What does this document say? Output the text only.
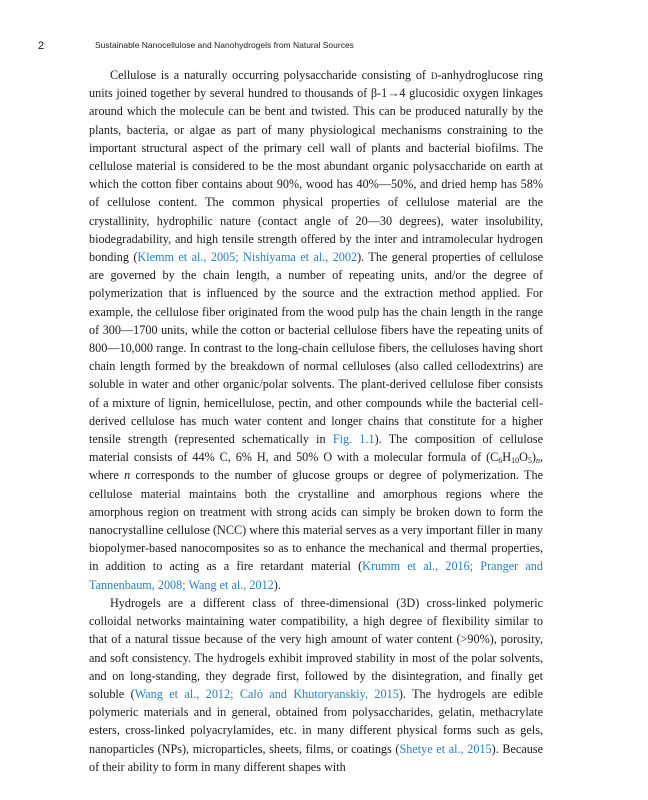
2	Sustainable Nanocellulose and Nanohydrogels from Natural Sources

Cellulose is a naturally occurring polysaccharide consisting of d-anhydroglucose ring units joined together by several hundred to thousands of β-1→4 glucosidic oxygen linkages around which the molecule can be bent and twisted. This can be produced naturally by the plants, bacteria, or algae as part of many physiological mechanisms constraining to the important structural aspect of the primary cell wall of plants and bacterial biofilms. The cellulose material is considered to be the most abundant organic polysaccharide on earth at which the cotton fiber contains about 90%, wood has 40%—50%, and dried hemp has 58% of cellulose content. The common physical properties of cellulose material are the crystallinity, hydrophilic nature (contact angle of 20—30 degrees), water insolubility, biodegradability, and high tensile strength offered by the inter and intramolecular hydrogen bonding (Klemm et al., 2005; Nishiyama et al., 2002). The general properties of cellulose are governed by the chain length, a number of repeating units, and/or the degree of polymerization that is influenced by the source and the extraction method applied. For example, the cellulose fiber originated from the wood pulp has the chain length in the range of 300—1700 units, while the cotton or bacterial cellulose fibers have the repeating units of 800—10,000 range. In contrast to the long-chain cellulose fibers, the celluloses having short chain length formed by the breakdown of normal celluloses (also called cellodextrins) are soluble in water and other organic/polar solvents. The plant-derived cellulose fiber consists of a mixture of lignin, hemicellulose, pectin, and other compounds while the bacterial cell-derived cellulose has much water content and longer chains that constitute for a higher tensile strength (represented schematically in Fig. 1.1). The composition of cellulose material consists of 44% C, 6% H, and 50% O with a molecular formula of $(C_6H_{10}O_5)_n$, where n corresponds to the number of glucose groups or degree of polymerization. The cellulose material maintains both the crystalline and amorphous regions where the amorphous region on treatment with strong acids can simply be broken down to form the nanocrystalline cellulose (NCC) where this material serves as a very important filler in many biopolymer-based nanocomposites so as to enhance the mechanical and thermal properties, in addition to acting as a fire retardant material (Krumm et al., 2016; Pranger and Tannenbaum, 2008; Wang et al., 2012).

Hydrogels are a different class of three-dimensional (3D) cross-linked polymeric colloidal networks maintaining water compatibility, a high degree of flexibility similar to that of a natural tissue because of the very high amount of water content (>90%), porosity, and soft consistency. The hydrogels exhibit improved stability in most of the polar solvents, and on long-standing, they degrade first, followed by the disintegration, and finally get soluble (Wang et al., 2012; Caló and Khutoryanskiy, 2015). The hydrogels are edible polymeric materials and in general, obtained from polysaccharides, gelatin, methacrylate esters, cross-linked polyacrylamides, etc. in many different physical forms such as gels, nanoparticles (NPs), microparticles, sheets, films, or coatings (Shetye et al., 2015). Because of their ability to form in many different shapes with
